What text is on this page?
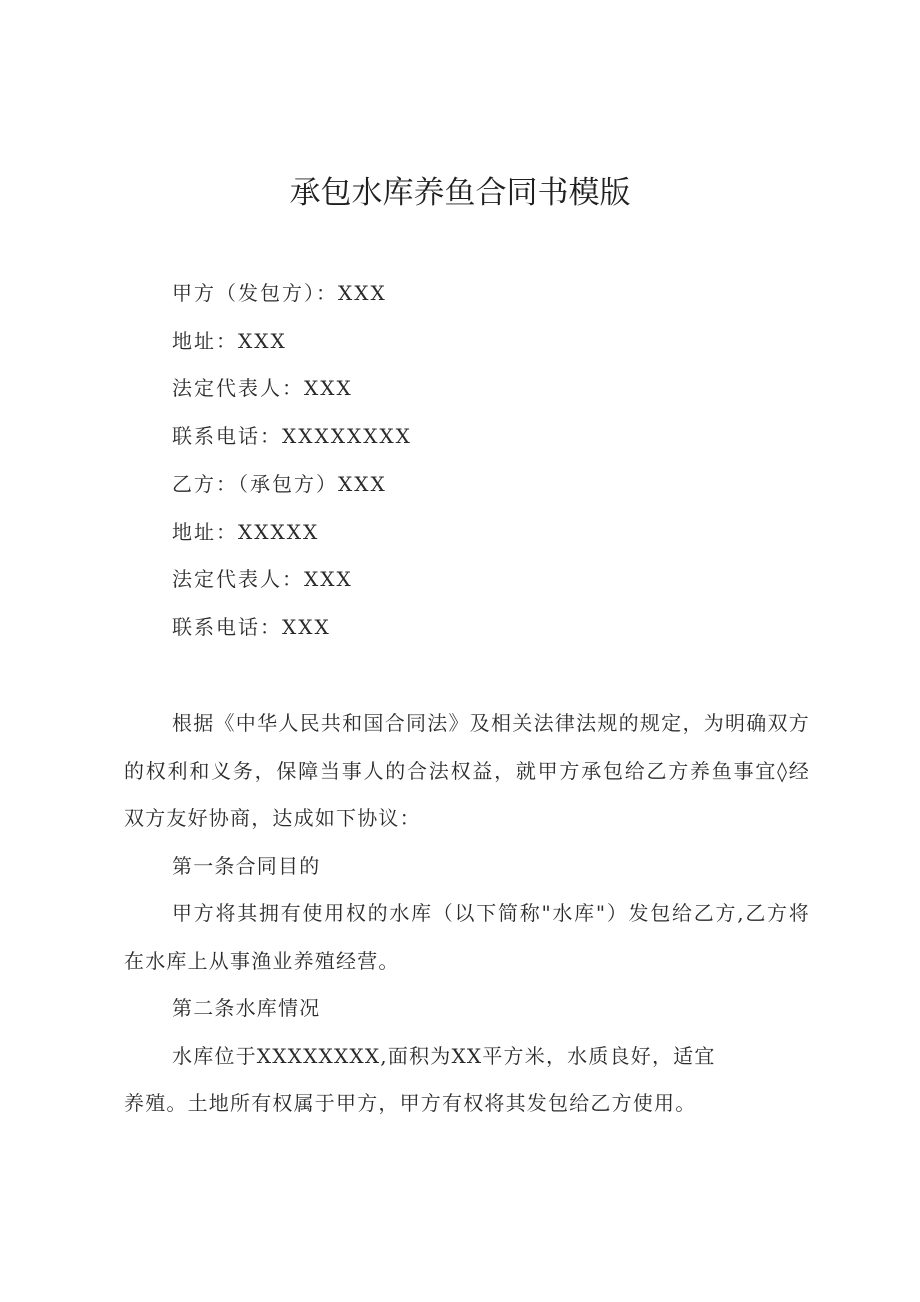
承包水库养鱼合同书模版
甲方（发包方）：XXX
地址：XXX
法定代表人：XXX
联系电话：XXXXXXXX
乙方：（承包方）XXX
地址：XXXXX
法定代表人：XXX
联系电话：XXX

根据《中华人民共和国合同法》及相关法律法规的规定，为明确双方的权利和义务，保障当事人的合法权益，就甲方承包给乙方养鱼事宜◊经双方友好协商，达成如下协议：

第一条合同目的

甲方将其拥有使用权的水库（以下简称"水库"）发包给乙方,乙方将在水库上从事渔业养殖经营。

第二条水库情况

水库位于XXXXXXXX,面积为XX平方米，水质良好，适宜

养殖。土地所有权属于甲方，甲方有权将其发包给乙方使用。
